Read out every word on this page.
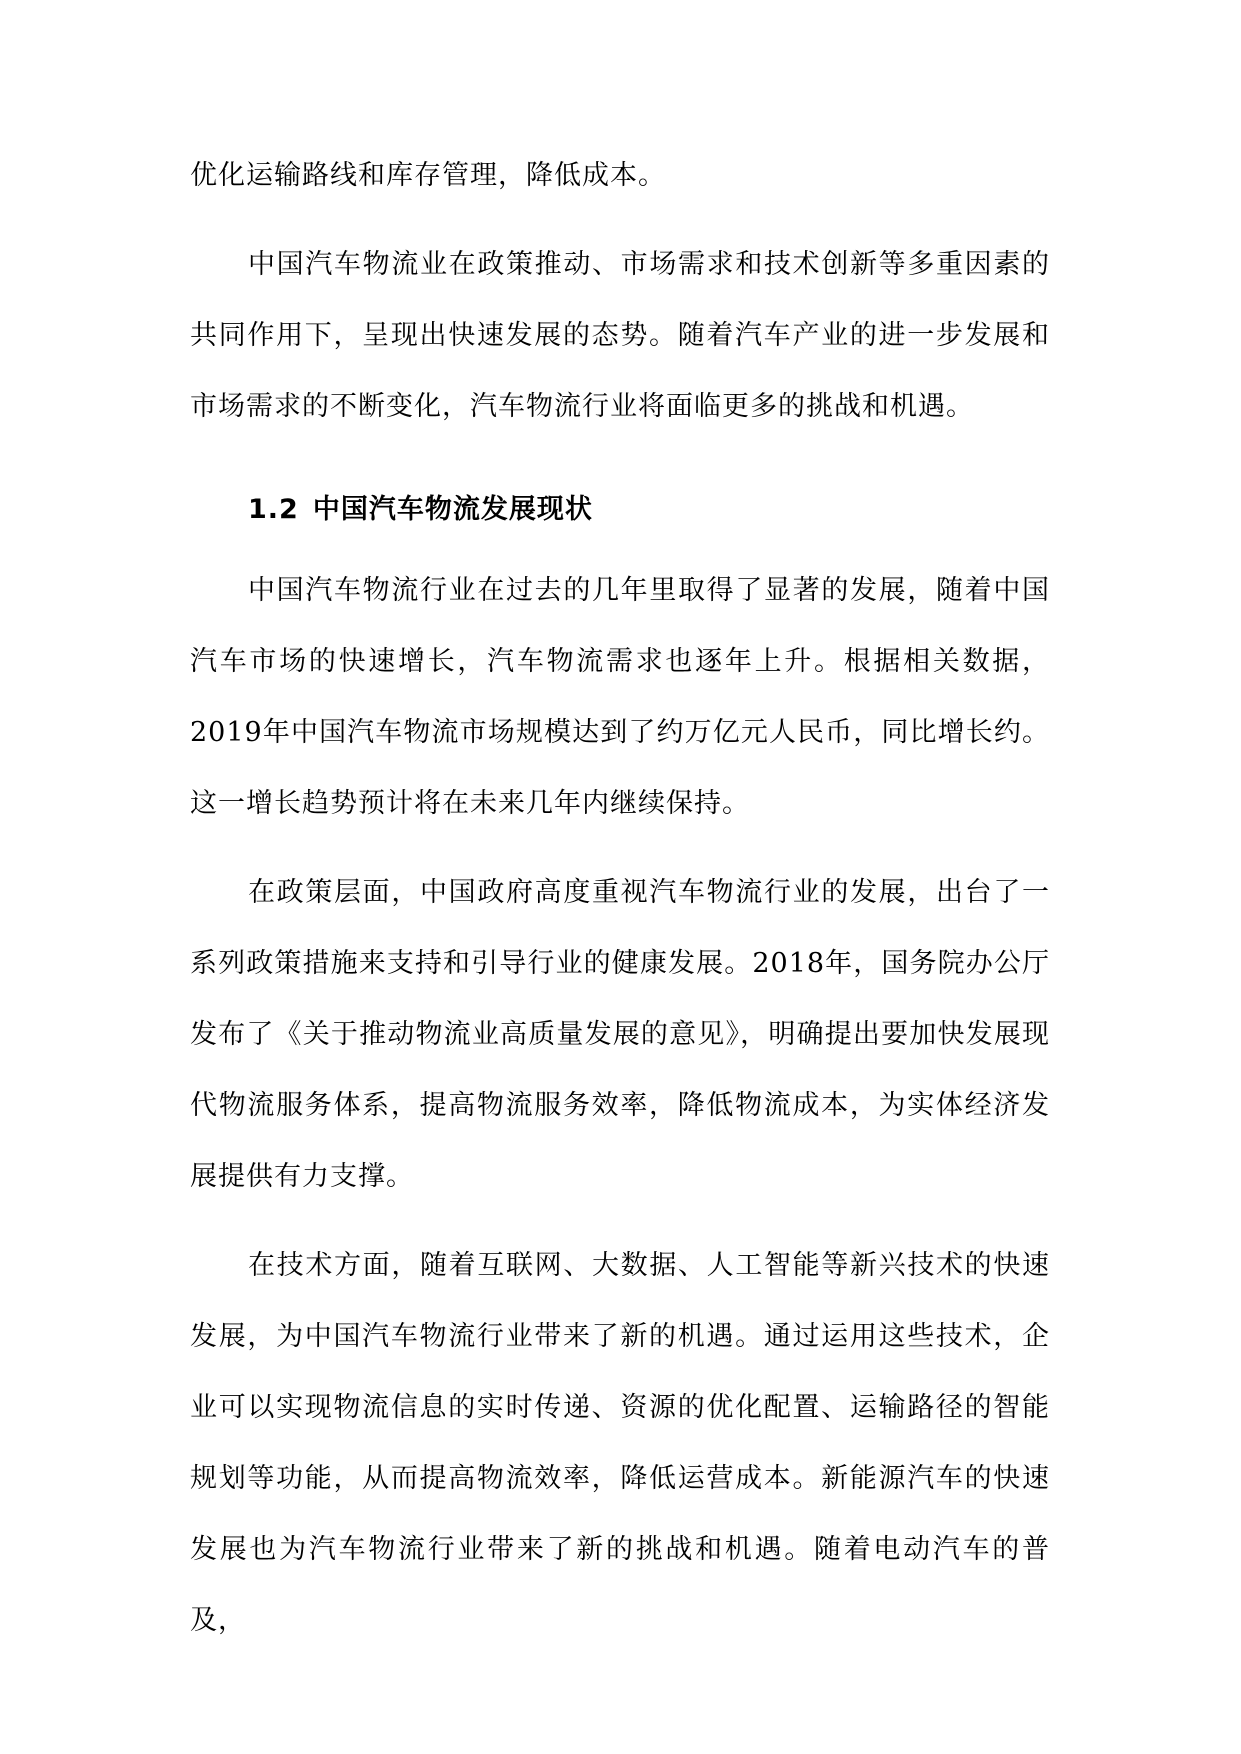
优化运输路线和库存管理，降低成本。

中国汽车物流业在政策推动、市场需求和技术创新等多重因素的共同作用下，呈现出快速发展的态势。随着汽车产业的进一步发展和市场需求的不断变化，汽车物流行业将面临更多的挑战和机遇。

1.2 中国汽车物流发展现状

中国汽车物流行业在过去的几年里取得了显著的发展，随着中国汽车市场的快速增长，汽车物流需求也逐年上升。根据相关数据，2019年中国汽车物流市场规模达到了约万亿元人民币，同比增长约。这一增长趋势预计将在未来几年内继续保持。

在政策层面，中国政府高度重视汽车物流行业的发展，出台了一系列政策措施来支持和引导行业的健康发展。2018年，国务院办公厅发布了《关于推动物流业高质量发展的意见》，明确提出要加快发展现代物流服务体系，提高物流服务效率，降低物流成本，为实体经济发展提供有力支撑。

在技术方面，随着互联网、大数据、人工智能等新兴技术的快速发展，为中国汽车物流行业带来了新的机遇。通过运用这些技术，企业可以实现物流信息的实时传递、资源的优化配置、运输路径的智能规划等功能，从而提高物流效率，降低运营成本。新能源汽车的快速发展也为汽车物流行业带来了新的挑战和机遇。随着电动汽车的普及，
